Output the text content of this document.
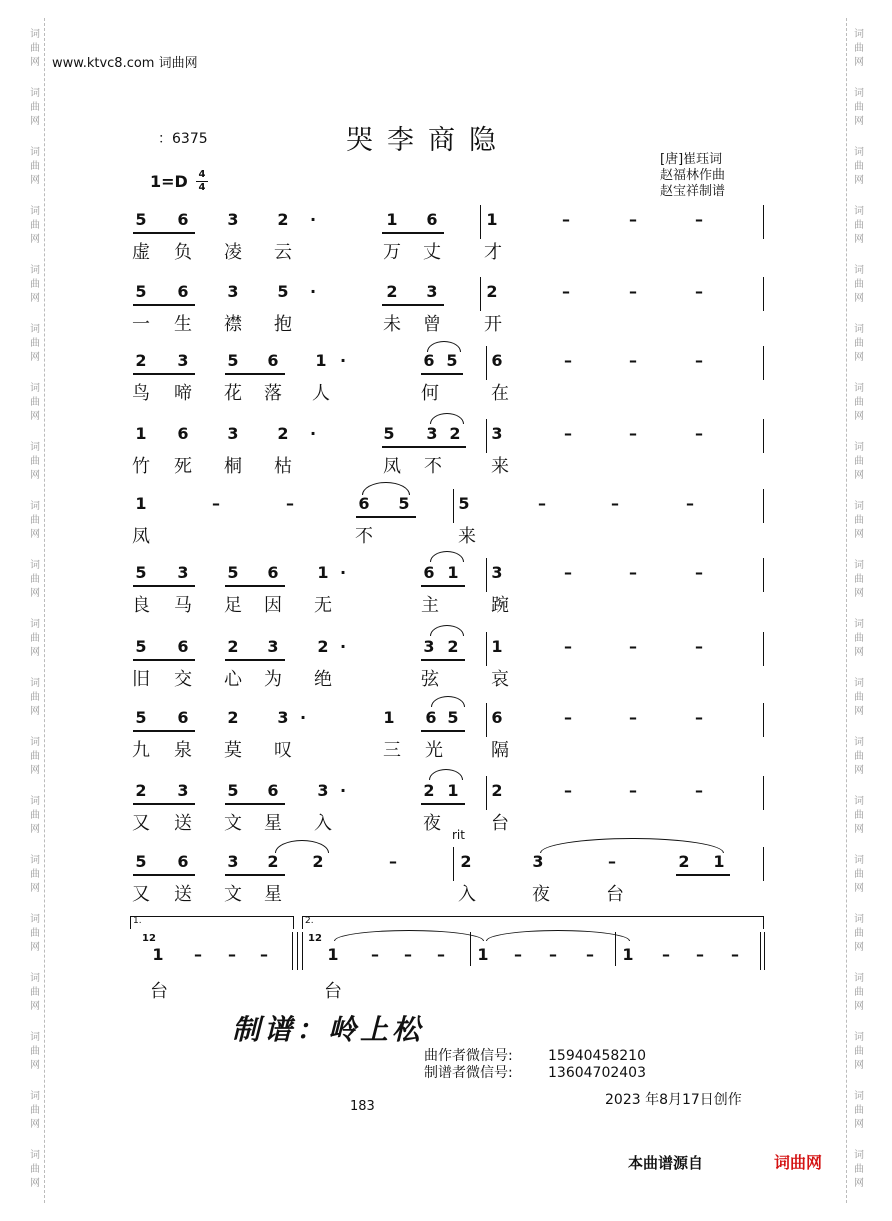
词
曲
网
词
曲
网
词
曲
网
词
曲
网
词
曲
网
词
曲
网
词
曲
网
词
曲
网
词
曲
网
词
曲
网
词
曲
网
词
曲
网
词
曲
网
词
曲
网
词
曲
网
词
曲
网
词
曲
网
词
曲
网
词
曲
网
词
曲
网
词
曲
网
词
曲
网
词
曲
网
词
曲
网
词
曲
网
词
曲
网
词
曲
网
词
曲
网
词
曲
网
词
曲
网
词
曲
网
词
曲
网
词
曲
网
词
曲
网
词
曲
网
词
曲
网
词
曲
网
词
曲
网
词
曲
网
词
曲
网
www.ktvc8.com 词曲网
：6375	哭李商隐
1=D 4
4
[唐]崔珏词
赵福林作曲
赵宝祥制谱
5 6 3 2	·	1 6	1	–	–	–
虚 负 凌 云	万 丈 才
5 6 3 5	·	2 3	2	–	–	–
一 生 襟 抱	未 曾 开
2 3 5 6 1 ·	6 5 6	–	–	–
鸟 啼 花 落 人	何	在
1 6 3 2	·	5 3 2 3	–	–	–
竹 死 桐 枯	凤 不	来
1	–	–	6 5	5	–	–	–
凤	不	来
5 3 5 6 1 ·	6 1 3	–	–	–
良 马 足 因 无	主	踠
5 6 2 3 2 ·	3 2 1	–	–	–
旧 交 心 为 绝	弦	哀
5 6 2 3 ·	1 6 5 6	–	–	–
九 泉 莫 叹	三 光	隔
2 3 5 6 3 ·	2 1 2	–	–	–
又 送 文 星 入	夜	台
5 6 3 2 2	–	2	3	–	2 1
又 送 文 星	入	夜	台
rit
1.	2.
12	12
1 – – –	1 – – – 1 – – – 1 – – –
台	台
制谱：岭上松
曲作者微信号:	15940458210
制谱者微信号:	13604702403
183	2023 年8月17日创作
本曲谱源自	词曲网
